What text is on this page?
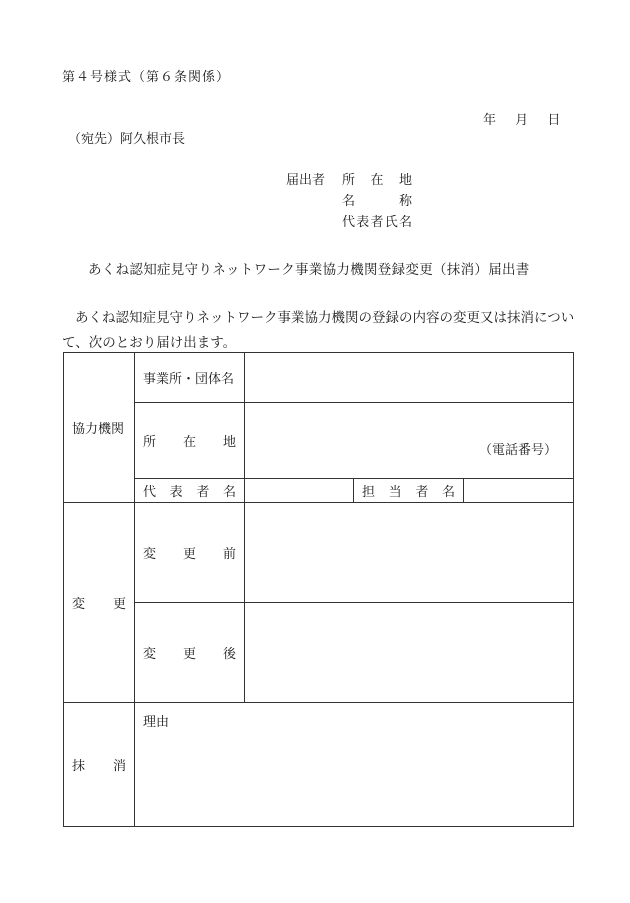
第４号様式（第６条関係）
年 月 日
（宛先）阿久根市長
届出者	所在地
名称
代表者氏名
あくね認知症見守りネットワーク事業協力機関登録変更（抹消）届出書

あくね認知症見守りネットワーク事業協力機関の登録の内容の変更又は抹消について、次のとおり届け出ます。

協力機関	事業所・団体名			

	所在地	（電話番号）		

	代表者名		担当者名	

変更	変更前			

	変更後			

抹消	理由			
